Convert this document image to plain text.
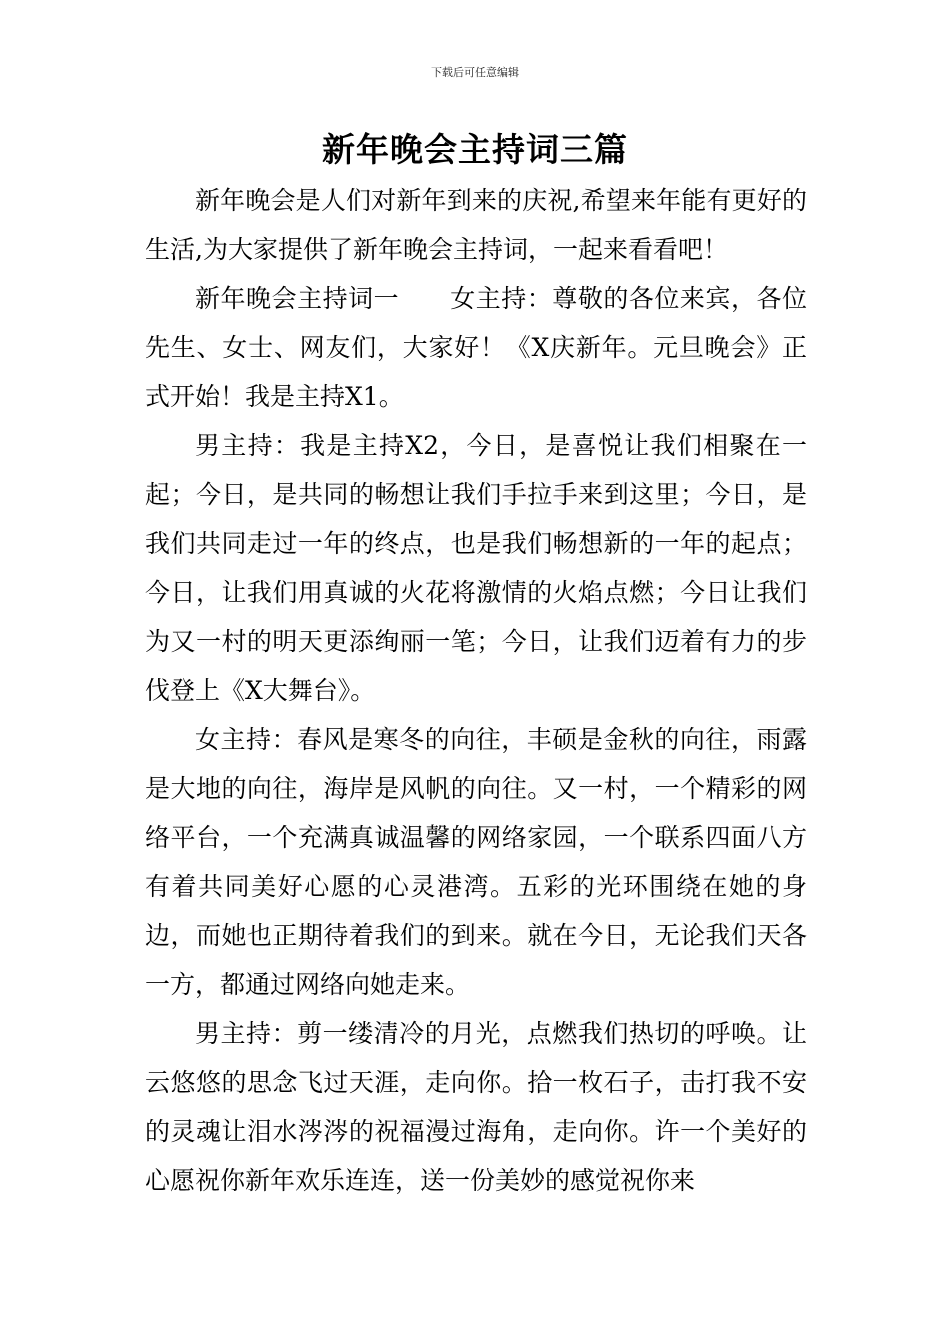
下载后可任意编辑
新年晚会主持词三篇

新年晚会是人们对新年到来的庆祝,希望来年能有更好的生活,为大家提供了新年晚会主持词，一起来看看吧！

新年晚会主持词一　　女主持：尊敬的各位来宾，各位先生、女士、网友们，大家好！《X庆新年。元旦晚会》正式开始！我是主持X1。

男主持：我是主持X2，今日，是喜悦让我们相聚在一起；今日，是共同的畅想让我们手拉手来到这里；今日，是我们共同走过一年的终点，也是我们畅想新的一年的起点；今日，让我们用真诚的火花将激情的火焰点燃；今日让我们为又一村的明天更添绚丽一笔；今日，让我们迈着有力的步伐登上《X大舞台》。

女主持：春风是寒冬的向往，丰硕是金秋的向往，雨露是大地的向往，海岸是风帆的向往。又一村，一个精彩的网络平台，一个充满真诚温馨的网络家园，一个联系四面八方有着共同美好心愿的心灵港湾。五彩的光环围绕在她的身边，而她也正期待着我们的到来。就在今日，无论我们天各一方，都通过网络向她走来。

男主持：剪一缕清冷的月光，点燃我们热切的呼唤。让云悠悠的思念飞过天涯，走向你。拾一枚石子，击打我不安的灵魂让泪水涔涔的祝福漫过海角，走向你。许一个美好的心愿祝你新年欢乐连连，送一份美妙的感觉祝你来
